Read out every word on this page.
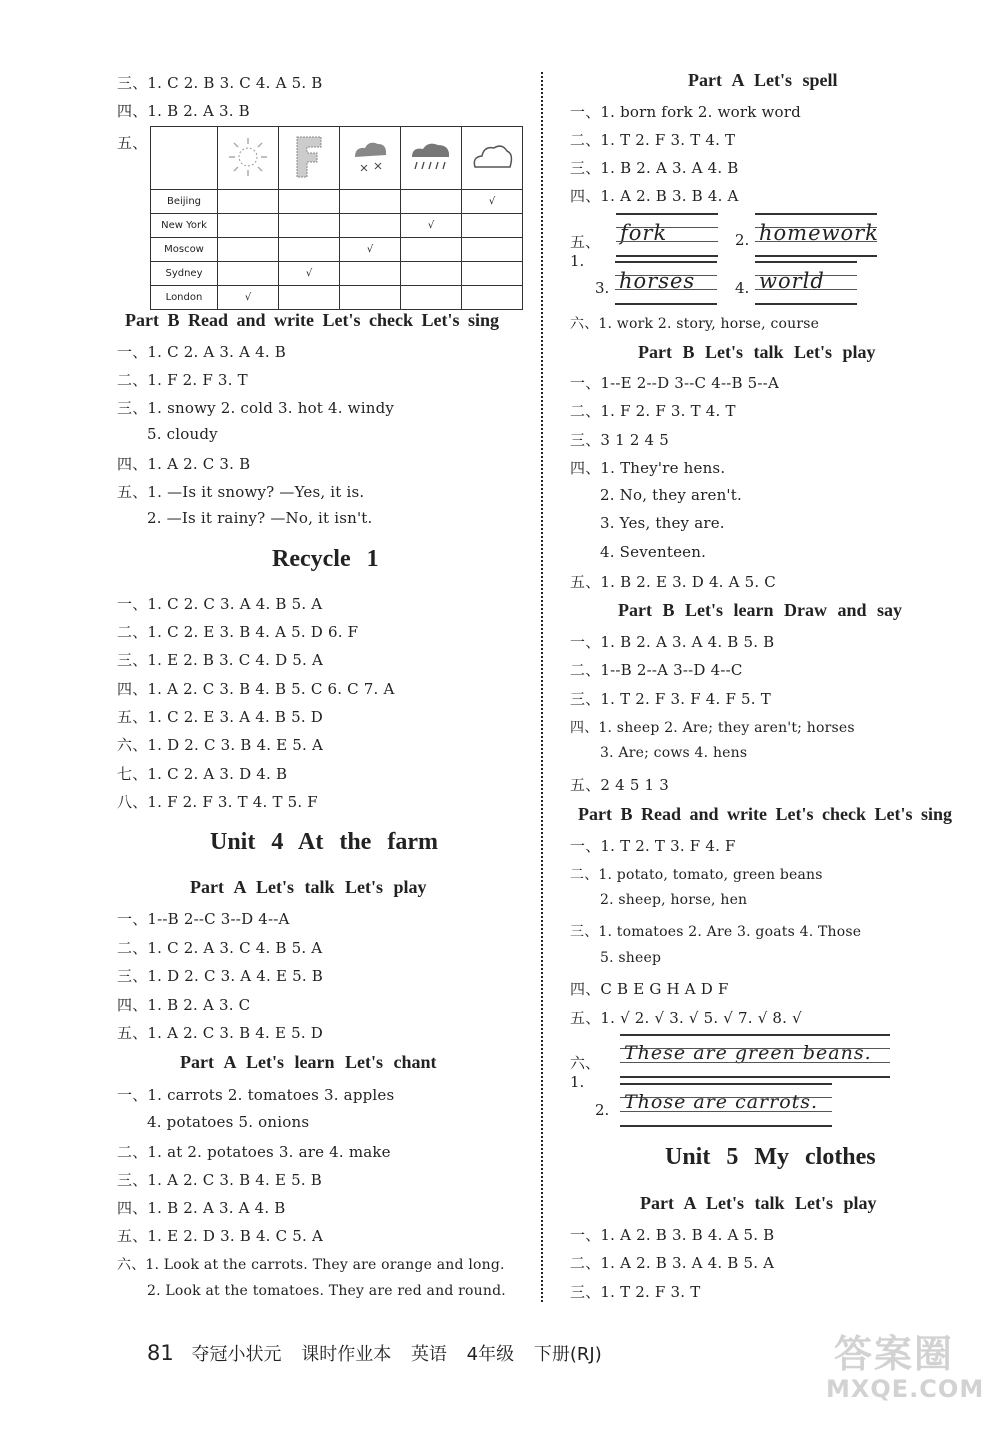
三、1. C 2. B 3. C 4. A 5. B
四、1. B 2. A 3. B
五、

Beijing					√
New York				√	
Moscow			√		
Sydney		√			
London	√				
Part B Read and write Let's check Let's sing
一、1. C 2. A 3. A 4. B
二、1. F 2. F 3. T
三、1. snowy 2. cold 3. hot 4. windy
5. cloudy
四、1. A 2. C 3. B
五、1. —Is it snowy? —Yes, it is.
2. —Is it rainy? —No, it isn't.
Recycle 1
一、1. C 2. C 3. A 4. B 5. A
二、1. C 2. E 3. B 4. A 5. D 6. F
三、1. E 2. B 3. C 4. D 5. A
四、1. A 2. C 3. B 4. B 5. C 6. C 7. A
五、1. C 2. E 3. A 4. B 5. D
六、1. D 2. C 3. B 4. E 5. A
七、1. C 2. A 3. D 4. B
八、1. F 2. F 3. T 4. T 5. F
Unit 4 At the farm
Part A Let's talk Let's play
一、1--B 2--C 3--D 4--A
二、1. C 2. A 3. C 4. B 5. A
三、1. D 2. C 3. A 4. E 5. B
四、1. B 2. A 3. C
五、1. A 2. C 3. B 4. E 5. D
Part A Let's learn Let's chant
一、1. carrots 2. tomatoes 3. apples
4. potatoes 5. onions
二、1. at 2. potatoes 3. are 4. make
三、1. A 2. C 3. B 4. E 5. B
四、1. B 2. A 3. A 4. B
五、1. E 2. D 3. B 4. C 5. A
六、1. Look at the carrots. They are orange and long.
2. Look at the tomatoes. They are red and round.
Part A Let's spell
一、1. born fork 2. work word
二、1. T 2. F 3. T 4. T
三、1. B 2. A 3. A 4. B
四、1. A 2. B 3. B 4. A
五、1.
fork	2. homework
3. horses	4. world
六、1. work 2. story, horse, course
Part B Let's talk Let's play
一、1--E 2--D 3--C 4--B 5--A
二、1. F 2. F 3. T 4. T
三、3 1 2 4 5
四、1. They're hens.
2. No, they aren't.
3. Yes, they are.
4. Seventeen.
五、1. B 2. E 3. D 4. A 5. C
Part B Let's learn Draw and say
一、1. B 2. A 3. A 4. B 5. B
二、1--B 2--A 3--D 4--C
三、1. T 2. F 3. F 4. F 5. T
四、1. sheep 2. Are; they aren't; horses
3. Are; cows 4. hens
五、2 4 5 1 3
Part B Read and write Let's check Let's sing
一、1. T 2. T 3. F 4. F
二、1. potato, tomato, green beans
2. sheep, horse, hen
三、1. tomatoes 2. Are 3. goats 4. Those
5. sheep
四、C B E G H A D F
五、1. √ 2. √ 3. √ 5. √ 7. √ 8. √
六、1.
These are green beans.
2. Those are carrots.
Unit 5 My clothes
Part A Let's talk Let's play
一、1. A 2. B 3. B 4. A 5. B
二、1. A 2. B 3. A 4. B 5. A
三、1. T 2. F 3. T
81 夺冠小状元 课时作业本 英语 4年级 下册(RJ)	答案圈
MXQE.COM
